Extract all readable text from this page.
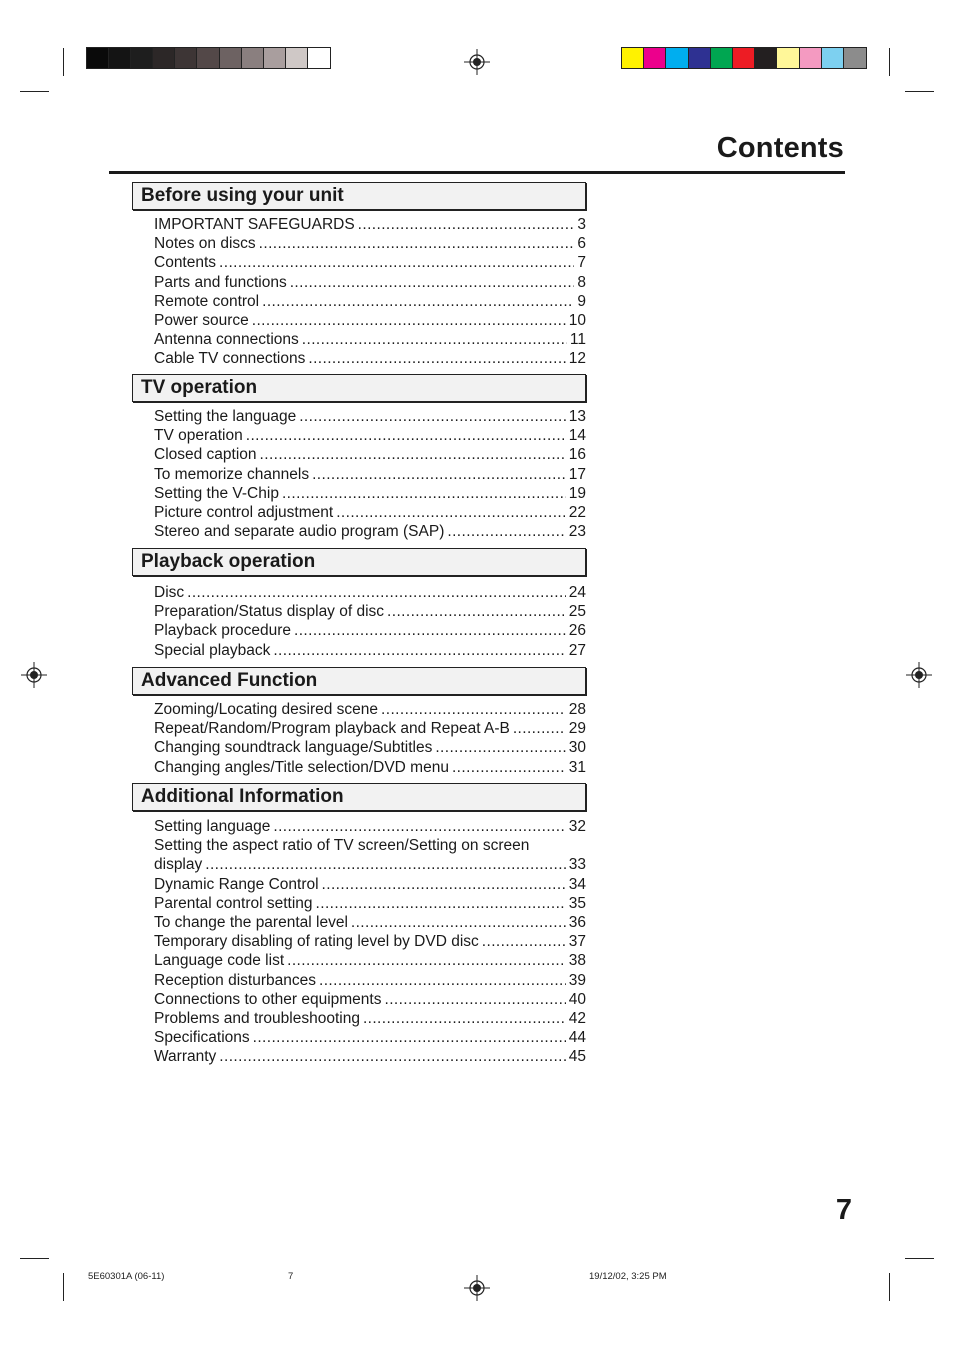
Contents
Before using your unit
IMPORTANT SAFEGUARDS .....	3
Notes on discs .....	6
Contents .....	7
Parts and functions .....	8
Remote control .....	9
Power source .....	10
Antenna connections .....	11
Cable TV connections .....	12
TV operation
Setting the language .....	13
TV operation .....	14
Closed caption .....	16
To memorize channels .....	17
Setting the V-Chip .....	19
Picture control adjustment .....	22
Stereo and separate audio program (SAP) .....	23
Playback operation
Disc .....	24
Preparation/Status display of disc .....	25
Playback procedure .....	26
Special playback .....	27
Advanced Function
Zooming/Locating desired scene .....	28
Repeat/Random/Program playback and Repeat A-B .....	29
Changing soundtrack language/Subtitles .....	30
Changing angles/Title selection/DVD menu .....	31
Additional Information
Setting language .....	32
Setting the aspect ratio of TV screen/Setting on screen
display .....	33
Dynamic Range Control .....	34
Parental control setting .....	35
To change the parental level .....	36
Temporary disabling of rating level by DVD disc .....	37
Language code list .....	38
Reception disturbances .....	39
Connections to other equipments .....	40
Problems and troubleshooting .....	42
Specifications .....	44
Warranty .....	45
7
5E60301A (06-11)	7	19/12/02, 3:25 PM
